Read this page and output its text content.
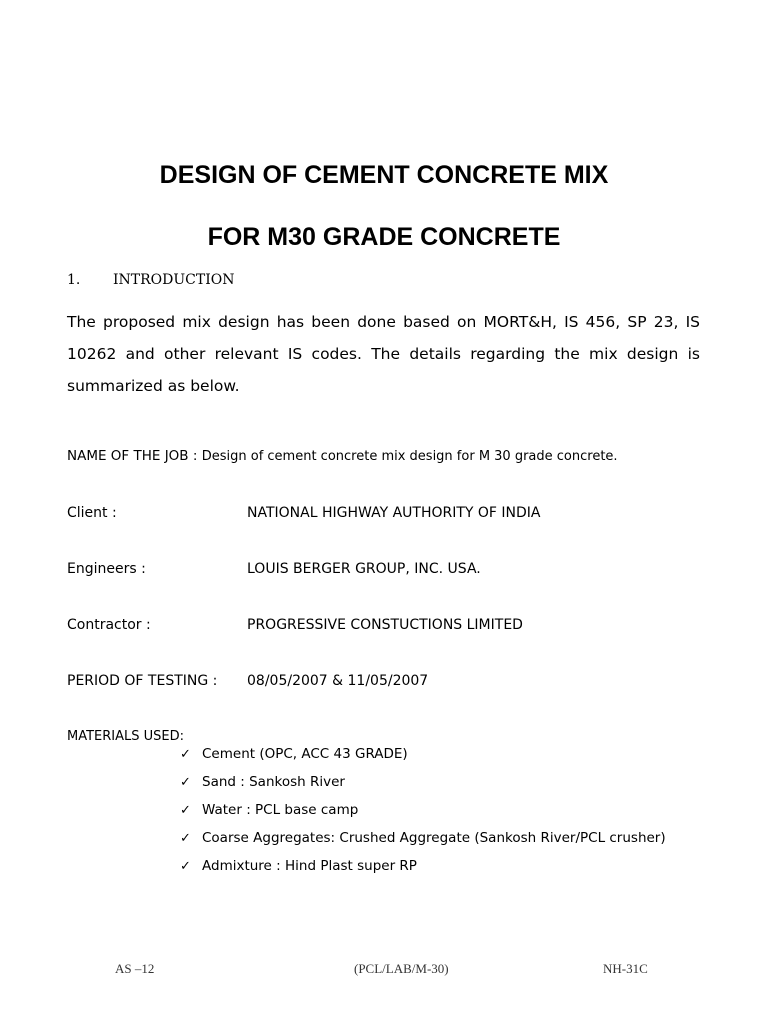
DESIGN OF CEMENT CONCRETE MIX
FOR M30 GRADE CONCRETE
1. INTRODUCTION
The proposed mix design has been done based on MORT&H, IS 456, SP 23, IS 10262 and other relevant IS codes. The details regarding the mix design is summarized as below.
NAME OF THE JOB : Design of cement concrete mix design for M 30 grade concrete.
Client :	NATIONAL HIGHWAY AUTHORITY OF INDIA
Engineers :	LOUIS BERGER GROUP, INC. USA.
Contractor :	PROGRESSIVE CONSTUCTIONS LIMITED
PERIOD OF TESTING : 08/05/2007 & 11/05/2007
MATERIALS USED:
✓ Cement (OPC, ACC 43 GRADE)
✓ Sand : Sankosh River
✓ Water : PCL base camp
✓ Coarse Aggregates: Crushed Aggregate (Sankosh River/PCL crusher)
✓ Admixture : Hind Plast super RP
AS –12	(PCL/LAB/M-30)	NH-31C
